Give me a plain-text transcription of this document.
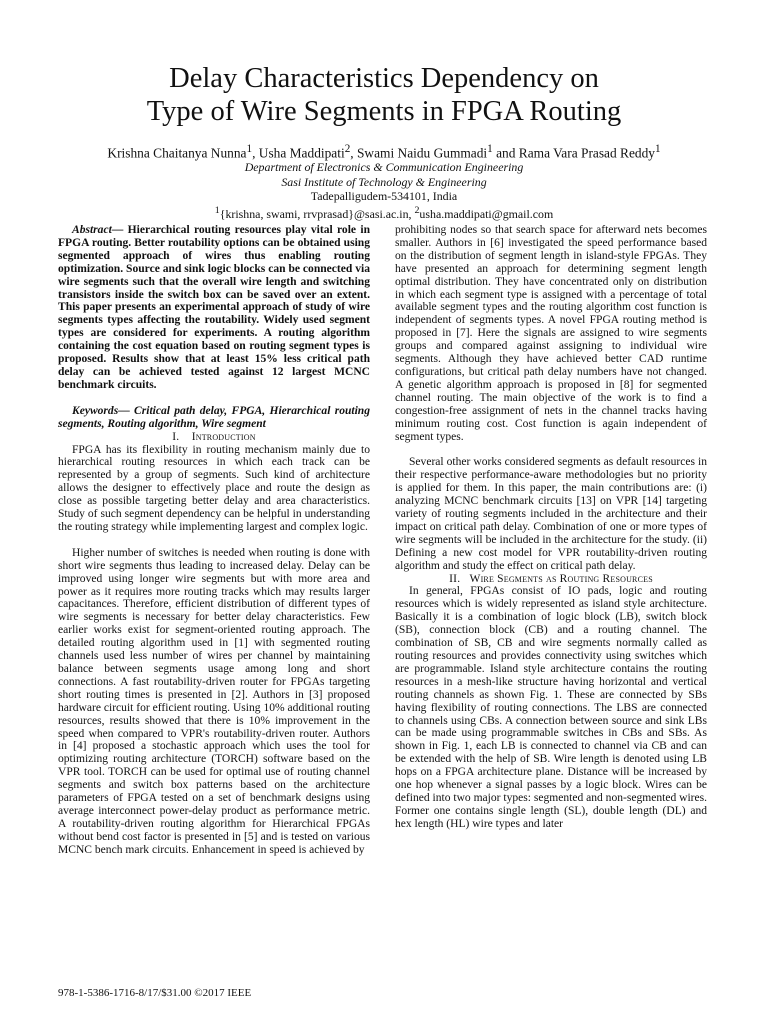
Delay Characteristics Dependency on
Type of Wire Segments in FPGA Routing
Krishna Chaitanya Nunna$^1$, Usha Maddipati$^2$, Swami Naidu Gummadi$^1$ and Rama Vara Prasad Reddy$^1$
Department of Electronics & Communication Engineering
Sasi Institute of Technology & Engineering
Tadepalligudem-534101, India
$^1${krishna, swami, rrvprasad}@sasi.ac.in, $^2$usha.maddipati@gmail.com

Abstract— Hierarchical routing resources play vital role in FPGA routing. Better routability options can be obtained using segmented approach of wires thus enabling routing optimization. Source and sink logic blocks can be connected via wire segments such that the overall wire length and switching transistors inside the switch box can be saved over an extent. This paper presents an experimental approach of study of wire segments types affecting the routability. Widely used segment types are considered for experiments. A routing algorithm containing the cost equation based on routing segment types is proposed. Results show that at least 15% less critical path delay can be achieved tested against 12 largest MCNC benchmark circuits.

Keywords— Critical path delay, FPGA, Hierarchical routing segments, Routing algorithm, Wire segment

I. Introduction

FPGA has its flexibility in routing mechanism mainly due to hierarchical routing resources in which each track can be represented by a group of segments. Such kind of architecture allows the designer to effectively place and route the design as close as possible targeting better delay and area characteristics. Study of such segment dependency can be helpful in understanding the routing strategy while implementing largest and complex logic.

Higher number of switches is needed when routing is done with short wire segments thus leading to increased delay. Delay can be improved using longer wire segments but with more area and power as it requires more routing tracks which may results larger capacitances. Therefore, efficient distribution of different types of wire segments is necessary for better delay characteristics. Few earlier works exist for segment-oriented routing approach. The detailed routing algorithm used in [1] with segmented routing channels used less number of wires per channel by maintaining balance between segments usage among long and short connections. A fast routability-driven router for FPGAs targeting short routing times is presented in [2]. Authors in [3] proposed hardware circuit for efficient routing. Using 10% additional routing resources, results showed that there is 10% improvement in the speed when compared to VPR's routability-driven router. Authors in [4] proposed a stochastic approach which uses the tool for optimizing routing architecture (TORCH) software based on the VPR tool. TORCH can be used for optimal use of routing channel segments and switch box patterns based on the architecture parameters of FPGA tested on a set of benchmark designs using average interconnect power-delay product as performance metric. A routability-driven routing algorithm for Hierarchical FPGAs without bend cost factor is presented in [5] and is tested on various MCNC bench mark circuits. Enhancement in speed is achieved by

prohibiting nodes so that search space for afterward nets becomes smaller. Authors in [6] investigated the speed performance based on the distribution of segment length in island-style FPGAs. They have presented an approach for determining segment length optimal distribution. They have concentrated only on distribution in which each segment type is assigned with a percentage of total available segment types and the routing algorithm cost function is independent of segments types. A novel FPGA routing method is proposed in [7]. Here the signals are assigned to wire segments groups and compared against assigning to individual wire segments. Although they have achieved better CAD runtime configurations, but critical path delay numbers have not changed. A genetic algorithm approach is proposed in [8] for segmented channel routing. The main objective of the work is to find a congestion-free assignment of nets in the channel tracks having minimum routing cost. Cost function is again independent of segment types.

Several other works considered segments as default resources in their respective performance-aware methodologies but no priority is applied for them. In this paper, the main contributions are: (i) analyzing MCNC benchmark circuits [13] on VPR [14] targeting variety of routing segments included in the architecture and their impact on critical path delay. Combination of one or more types of wire segments will be included in the architecture for the study. (ii) Defining a new cost model for VPR routability-driven routing algorithm and study the effect on critical path delay.

II. Wire Segments as Routing Resources

In general, FPGAs consist of IO pads, logic and routing resources which is widely represented as island style architecture. Basically it is a combination of logic block (LB), switch block (SB), connection block (CB) and a routing channel. The combination of SB, CB and wire segments normally called as routing resources and provides connectivity using switches which are programmable. Island style architecture contains the routing resources in a mesh-like structure having horizontal and vertical routing channels as shown Fig. 1. These are connected by SBs having flexibility of routing connections. The LBS are connected to channels using CBs. A connection between source and sink LBs can be made using programmable switches in CBs and SBs. As shown in Fig. 1, each LB is connected to channel via CB and can be extended with the help of SB. Wire length is denoted using LB hops on a FPGA architecture plane. Distance will be increased by one hop whenever a signal passes by a logic block. Wires can be defined into two major types: segmented and non-segmented wires. Former one contains single length (SL), double length (DL) and hex length (HL) wire types and later

978-1-5386-1716-8/17/$31.00 ©2017 IEEE
